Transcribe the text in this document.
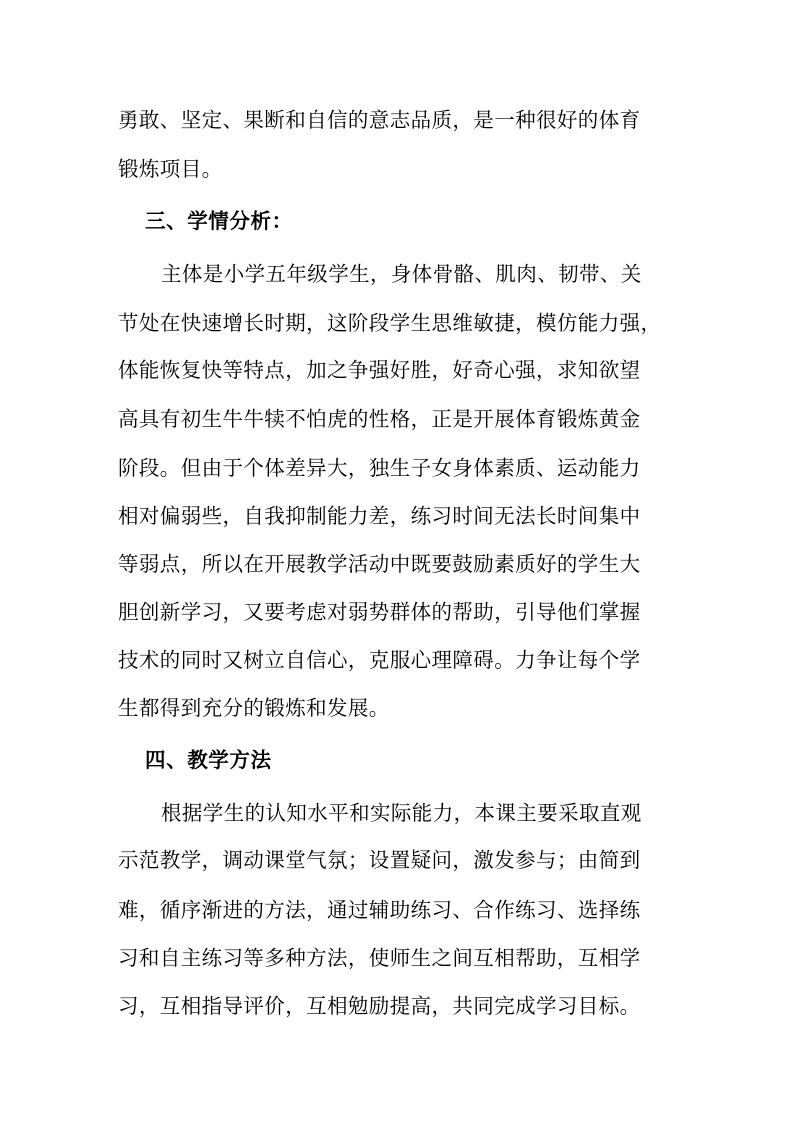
勇敢、坚定、果断和自信的意志品质，是一种很好的体育
锻炼项目。
三、学情分析：
主体是小学五年级学生，身体骨骼、肌肉、韧带、关
节处在快速增长时期，这阶段学生思维敏捷，模仿能力强，
体能恢复快等特点，加之争强好胜，好奇心强，求知欲望
高具有初生牛牛犊不怕虎的性格，正是开展体育锻炼黄金
阶段。但由于个体差异大，独生子女身体素质、运动能力
相对偏弱些，自我抑制能力差，练习时间无法长时间集中
等弱点，所以在开展教学活动中既要鼓励素质好的学生大
胆创新学习，又要考虑对弱势群体的帮助，引导他们掌握
技术的同时又树立自信心，克服心理障碍。力争让每个学
生都得到充分的锻炼和发展。
四、教学方法
根据学生的认知水平和实际能力，本课主要采取直观
示范教学，调动课堂气氛；设置疑问，激发参与；由简到
难，循序渐进的方法，通过辅助练习、合作练习、选择练
习和自主练习等多种方法，使师生之间互相帮助，互相学
习，互相指导评价，互相勉励提高，共同完成学习目标。
